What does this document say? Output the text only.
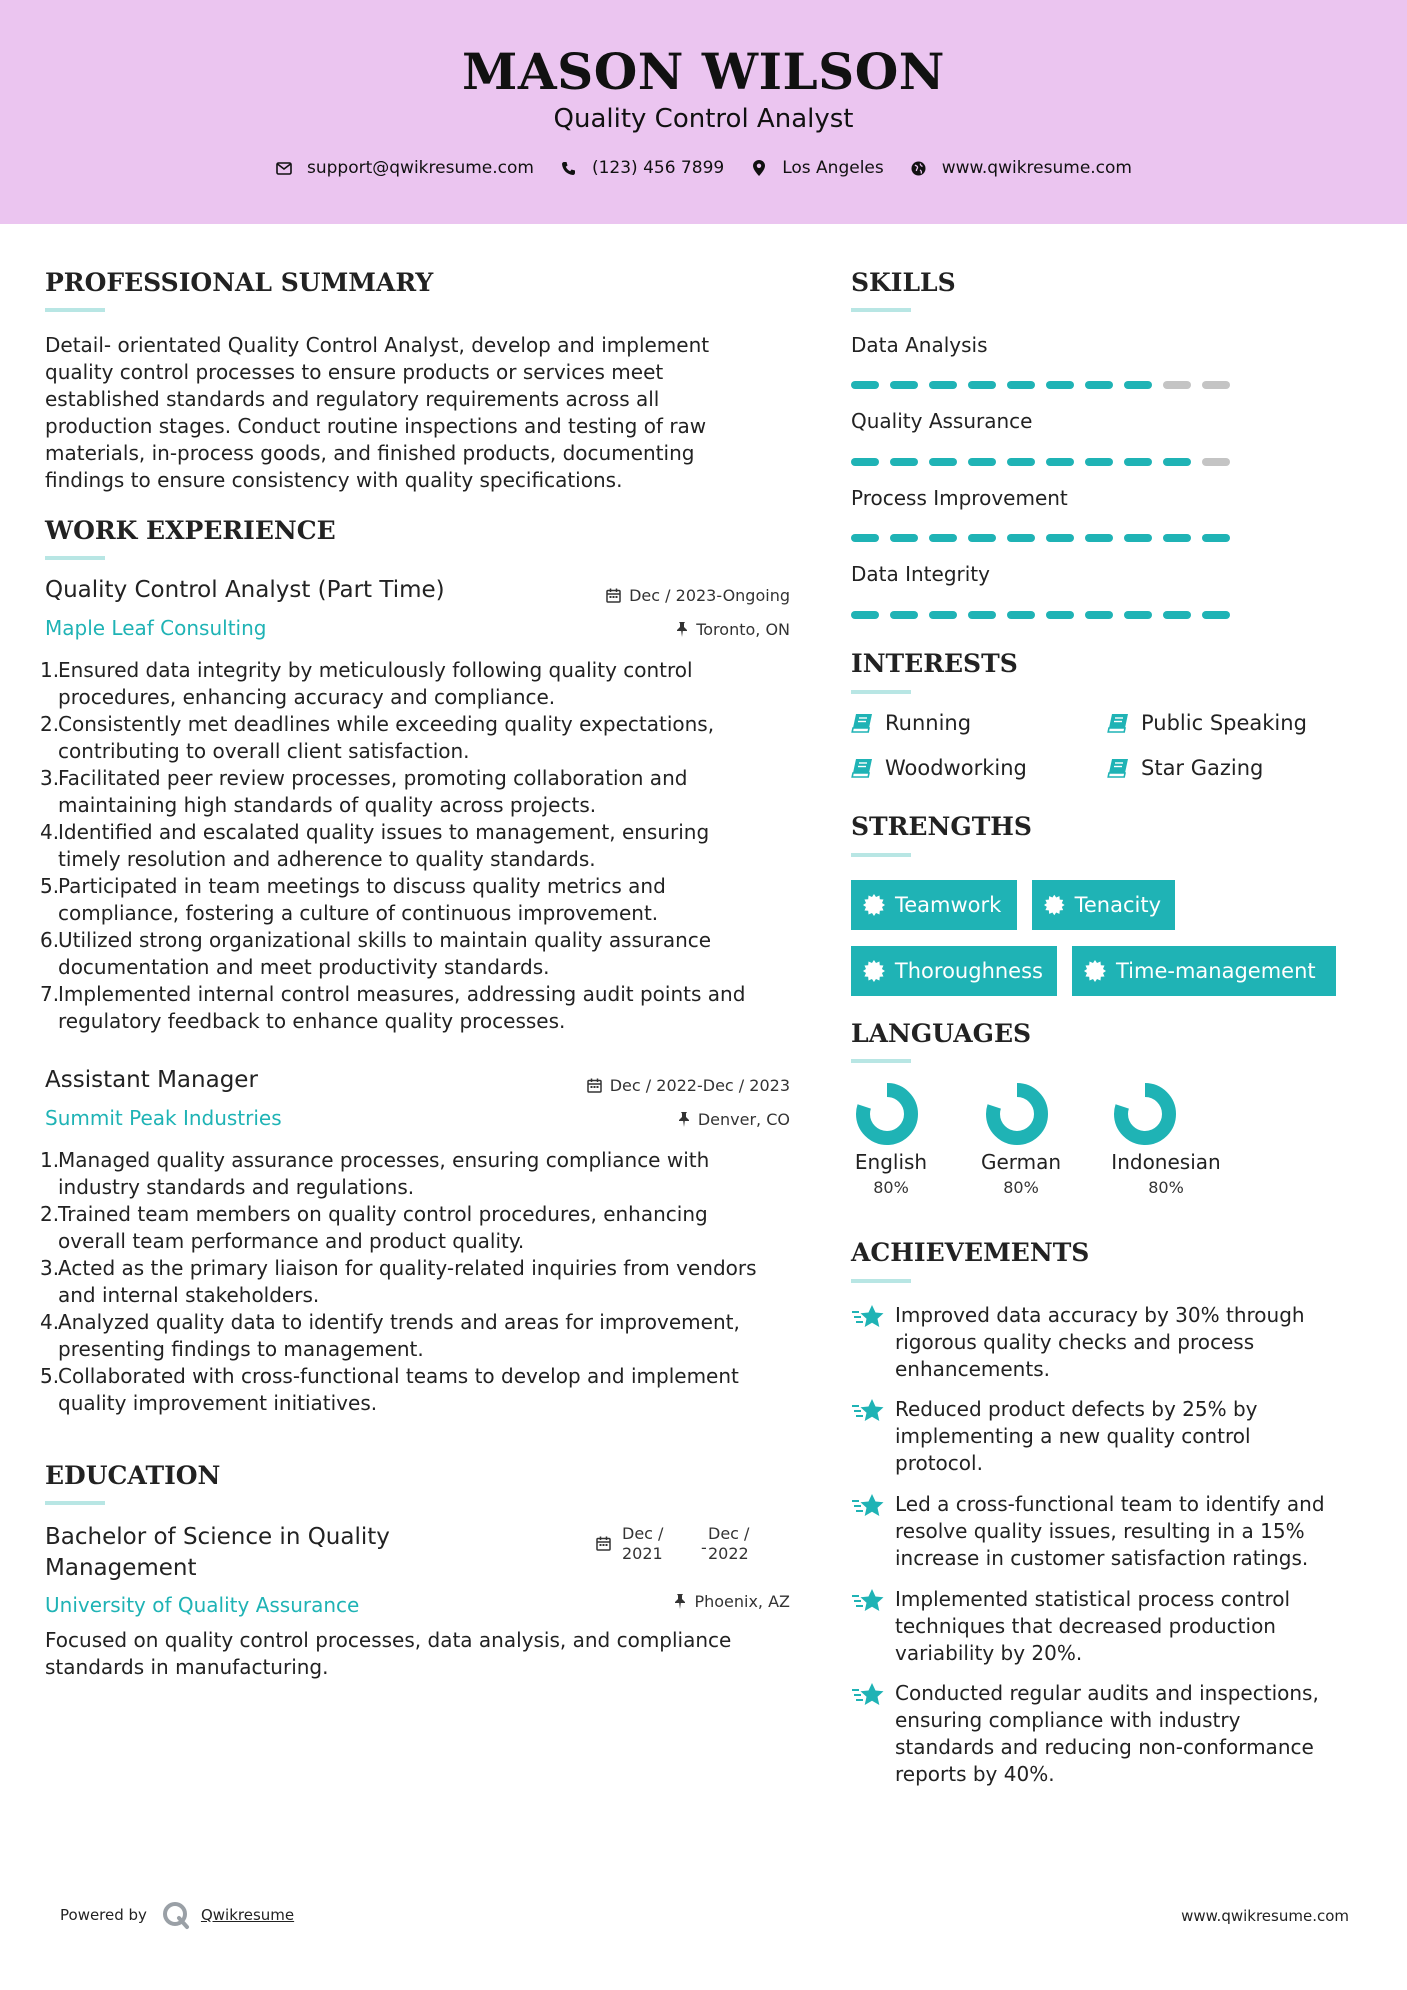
MASON WILSON
Quality Control Analyst
support@qwikresume.com	(123) 456 7899	Los Angeles	www.qwikresume.com
PROFESSIONAL SUMMARY
Detail- orientated Quality Control Analyst, develop and implement
quality control processes to ensure products or services meet
established standards and regulatory requirements across all
production stages. Conduct routine inspections and testing of raw
materials, in-process goods, and finished products, documenting
findings to ensure consistency with quality specifications.
WORK EXPERIENCE
Quality Control Analyst (Part Time)	Dec / 2023-Ongoing
Maple Leaf Consulting	Toronto, ON
1.
Ensured data integrity by meticulously following quality control
procedures, enhancing accuracy and compliance.
2.
Consistently met deadlines while exceeding quality expectations,
contributing to overall client satisfaction.
3.
Facilitated peer review processes, promoting collaboration and
maintaining high standards of quality across projects.
4.
Identified and escalated quality issues to management, ensuring
timely resolution and adherence to quality standards.
5.
Participated in team meetings to discuss quality metrics and
compliance, fostering a culture of continuous improvement.
6.
Utilized strong organizational skills to maintain quality assurance
documentation and meet productivity standards.
7.
Implemented internal control measures, addressing audit points and
regulatory feedback to enhance quality processes.
Assistant Manager	Dec / 2022-Dec / 2023
Summit Peak Industries	Denver, CO
1.
Managed quality assurance processes, ensuring compliance with
industry standards and regulations.
2.
Trained team members on quality control procedures, enhancing
overall team performance and product quality.
3.
Acted as the primary liaison for quality-related inquiries from vendors
and internal stakeholders.
4.
Analyzed quality data to identify trends and areas for improvement,
presenting findings to management.
5.
Collaborated with cross-functional teams to develop and implement
quality improvement initiatives.
EDUCATION
Bachelor of Science in Quality
Management
Dec /
2021 -
Dec /
2022
University of Quality Assurance	Phoenix, AZ
Focused on quality control processes, data analysis, and compliance
standards in manufacturing.
SKILLS
Data Analysis
Quality Assurance
Process Improvement
Data Integrity
INTERESTS
Running	Public Speaking
Woodworking	Star Gazing
STRENGTHS
Teamwork	Tenacity
Thoroughness	Time-management
LANGUAGES
English
80%
German
80%
Indonesian
80%
ACHIEVEMENTS
Improved data accuracy by 30% through
rigorous quality checks and process
enhancements.
Reduced product defects by 25% by
implementing a new quality control
protocol.
Led a cross-functional team to identify and
resolve quality issues, resulting in a 15%
increase in customer satisfaction ratings.
Implemented statistical process control
techniques that decreased production
variability by 20%.
Conducted regular audits and inspections,
ensuring compliance with industry
standards and reducing non-conformance
reports by 40%.
Powered by	Qwikresume	www.qwikresume.com
